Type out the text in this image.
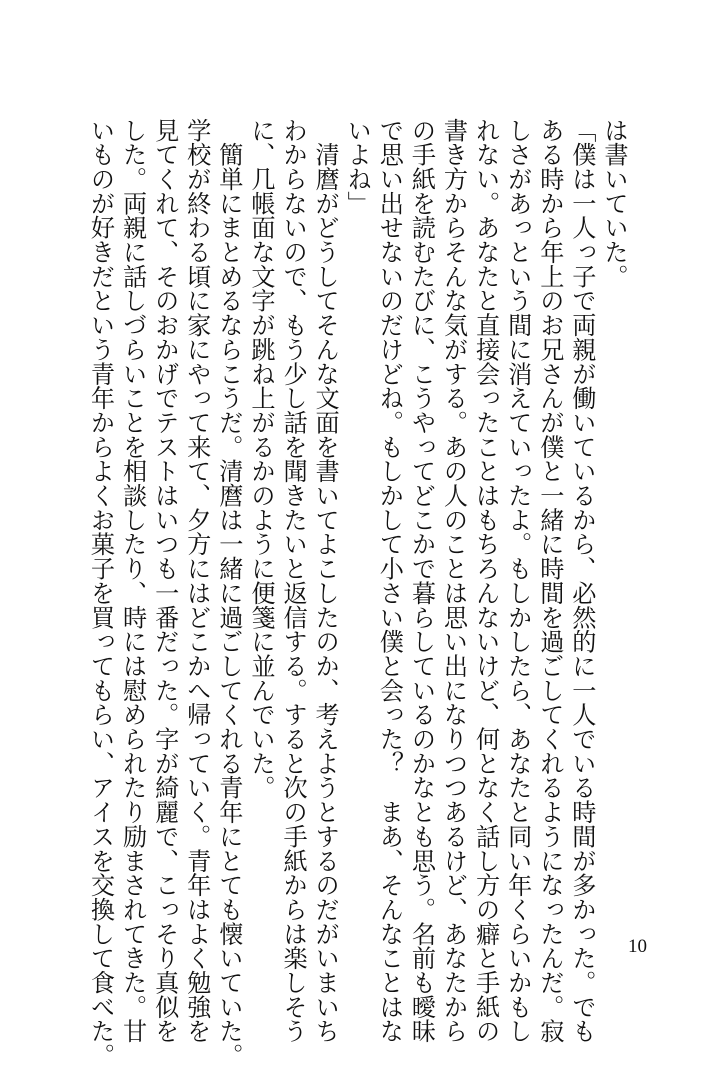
は書いていた。
「僕は一人っ子で両親が働いているから、必然的に一人でいる時間が多かった。でも
ある時から年上のお兄さんが僕と一緒に時間を過ごしてくれるようになったんだ。寂
しさがあっという間に消えていったよ。もしかしたら、あなたと同い年くらいかもし
れない。あなたと直接会ったことはもちろんないけど、何となく話し方の癖と手紙の
書き方からそんな気がする。あの人のことは思い出になりつつあるけど、あなたから
の手紙を読むたびに、こうやってどこかで暮らしているのかなとも思う。名前も曖昧
で思い出せないのだけどね。もしかして小さい僕と会った？　まあ、そんなことはな
いよね」
　清麿がどうしてそんな文面を書いてよこしたのか、考えようとするのだがいまいち
わからないので、もう少し話を聞きたいと返信する。すると次の手紙からは楽しそう
に、几帳面な文字が跳ね上がるかのように便箋に並んでいた。
　簡単にまとめるならこうだ。清麿は一緒に過ごしてくれる青年にとても懐いていた。
学校が終わる頃に家にやって来て、夕方にはどこかへ帰っていく。青年はよく勉強を
見てくれて、そのおかげでテストはいつも一番だった。字が綺麗で、こっそり真似を
した。両親に話しづらいことを相談したり、時には慰められたり励まされてきた。甘
いものが好きだという青年からよくお菓子を買ってもらい、アイスを交換して食べた。	10
